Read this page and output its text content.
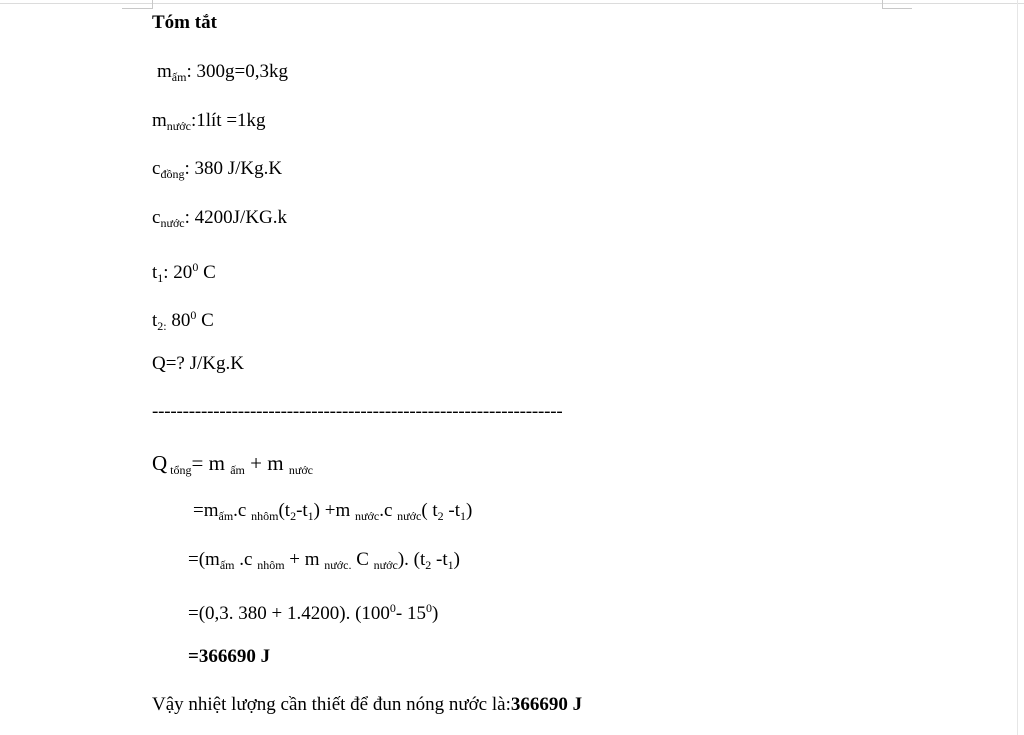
Tóm tắt
$m_{ấm}$: 300g=0,3kg
$m_{nước}:1lít =1kg$
$c_{đồng}$: 380 J/Kg.K
$c_{nước}$: 4200J/KG.k
$t_1$: $20^0$ C
$t_{2:}$ $80^0$ C
Q=? J/Kg.K
-------------------------------------------------------------------
Q $_{tổng}$= m $_{ấm}$ + m $_{nước}$
$=m_{ấm}.c$ $_{nhôm}(t_2-t_1) +m$ $_{nước}$.c $_{nước}$( $t_2$ $-t_1$)
$=(m_{ấm}$ .c $_{nhôm}$ + m $_{nước.}$ C $_{nước}$). ($t_2$ $-t_1$)
=(0,3. 380 + 1.4200). ($100^0-$ $15^0$)
=366690 J
Vậy nhiệt lượng cần thiết để đun nóng nước là:366690 J
